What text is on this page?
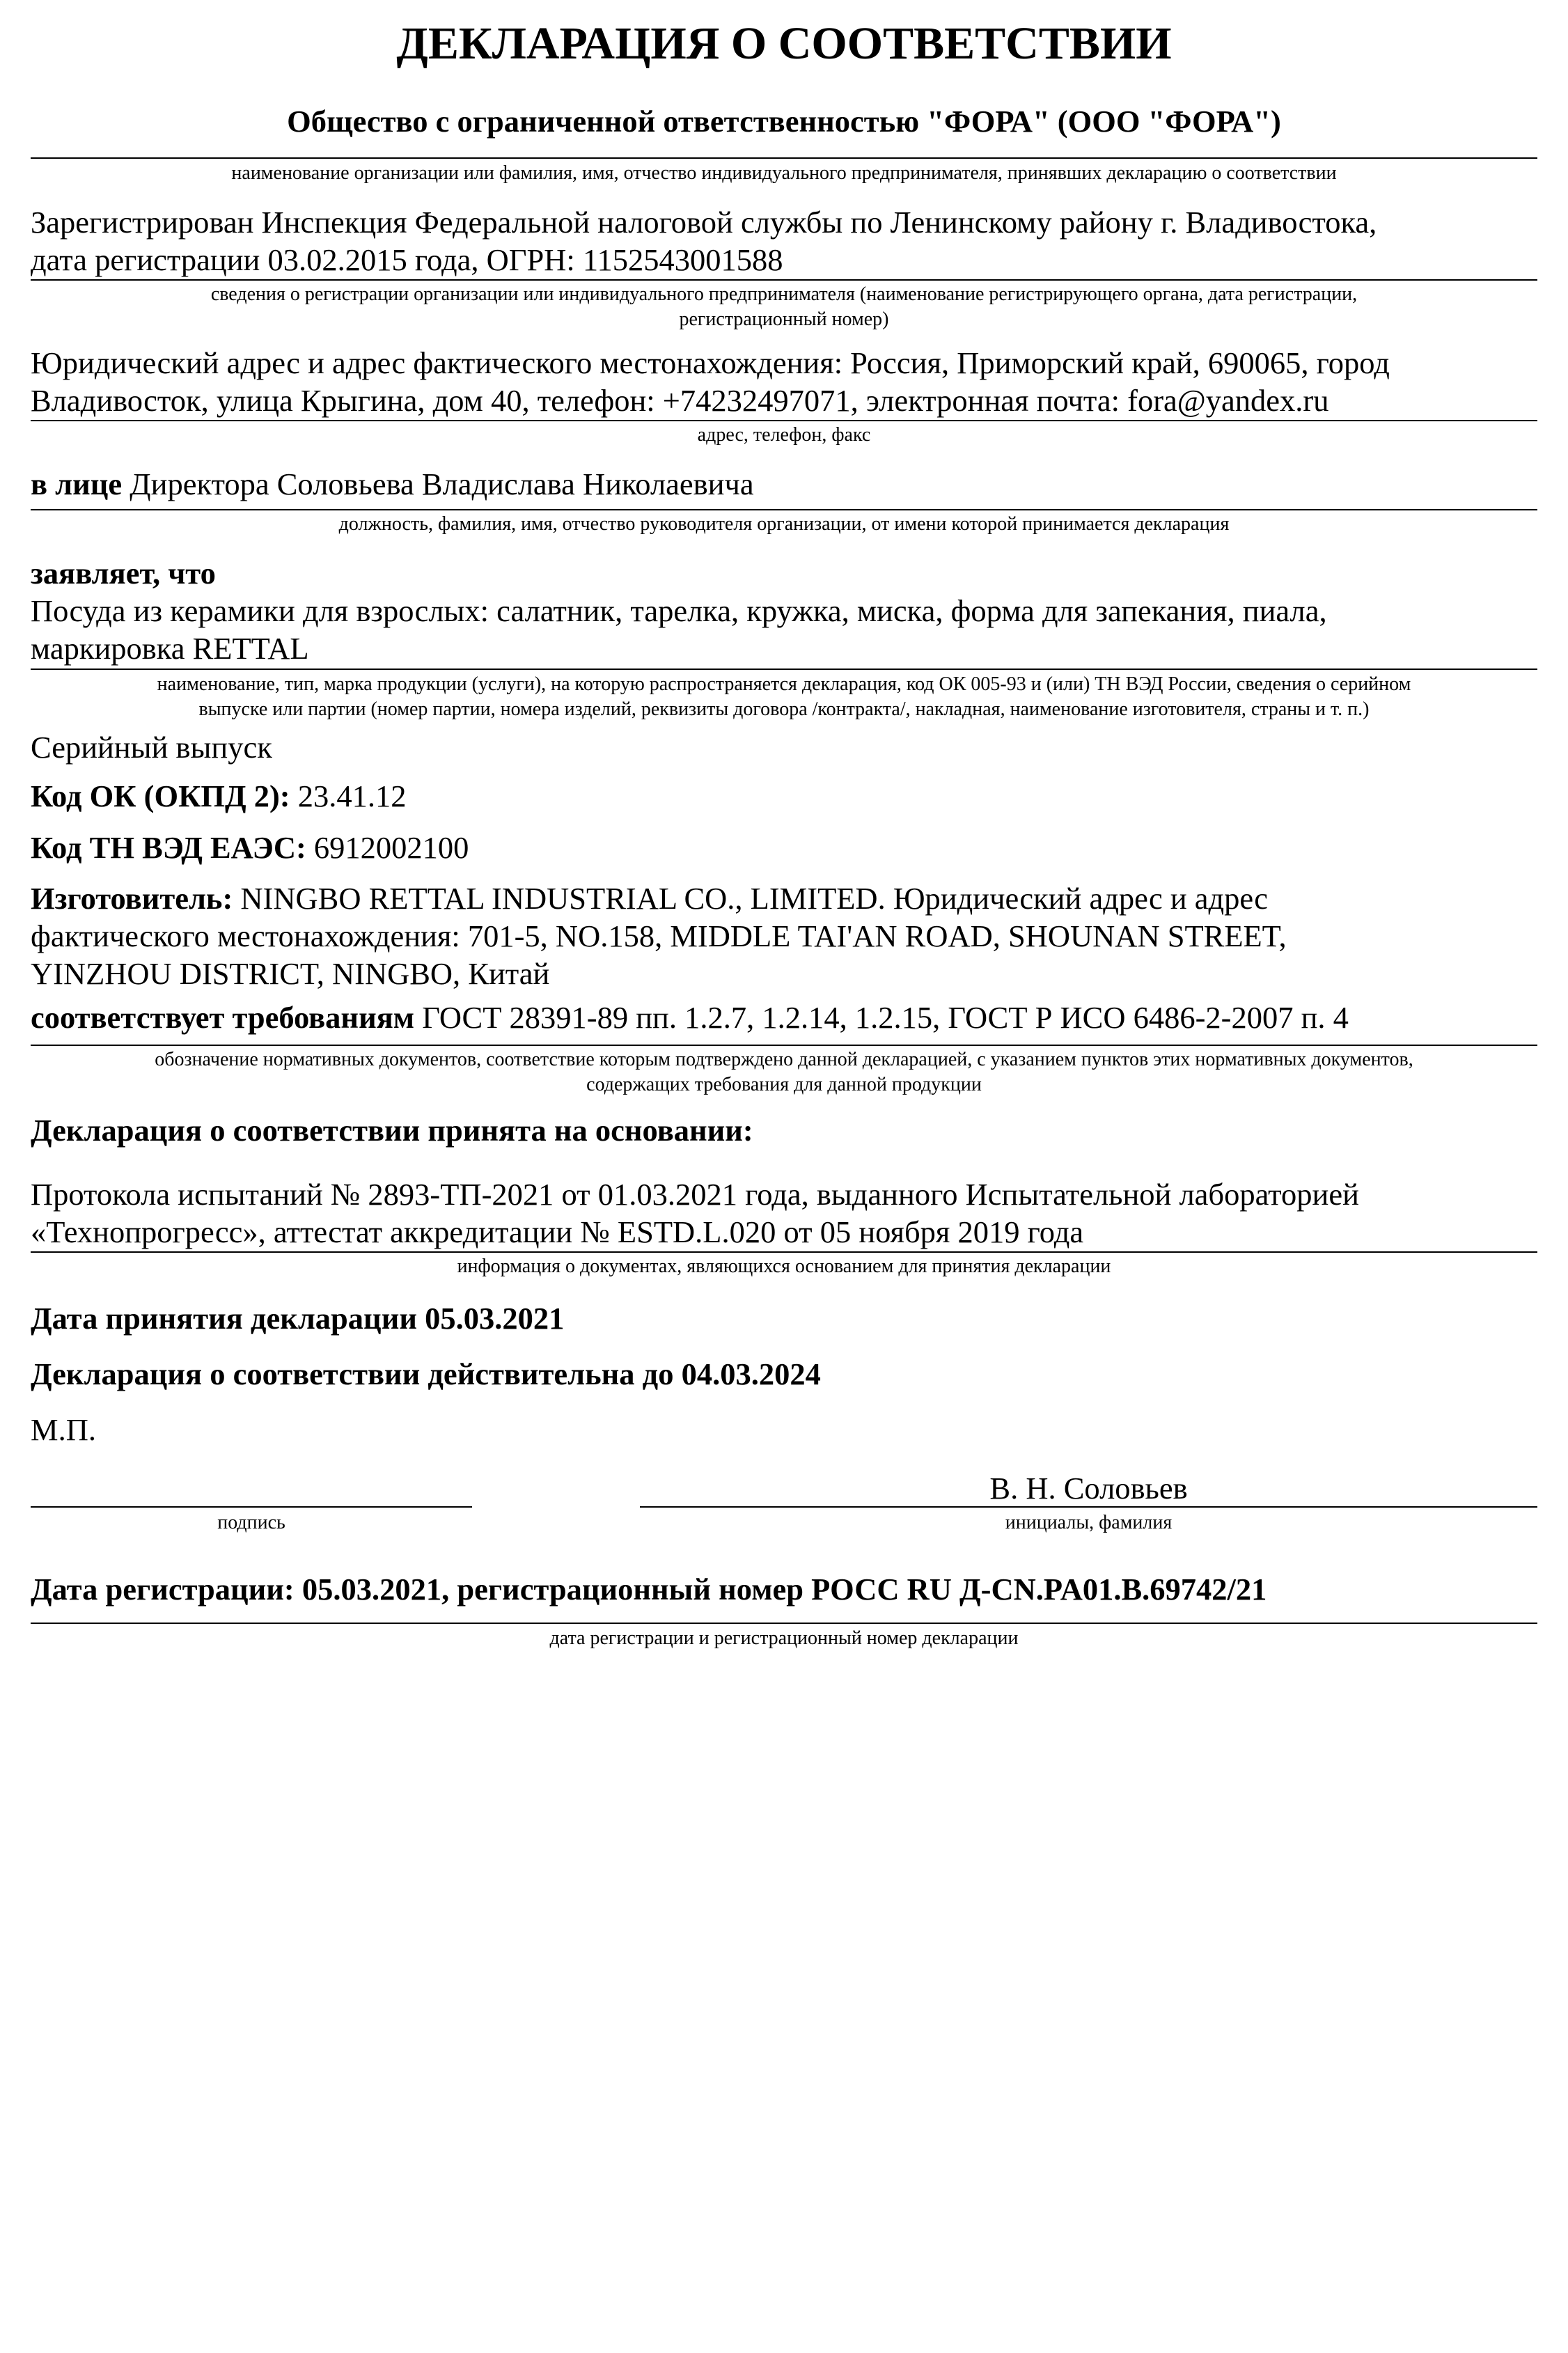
ДЕКЛАРАЦИЯ О СООТВЕТСТВИИ
Общество с ограниченной ответственностью "ФОРА" (ООО "ФОРА")
наименование организации или фамилия, имя, отчество индивидуального предпринимателя, принявших декларацию о соответствии
Зарегистрирован Инспекция Федеральной налоговой службы по Ленинскому району г. Владивостока,
дата регистрации 03.02.2015 года, ОГРН: 1152543001588
сведения о регистрации организации или индивидуального предпринимателя (наименование регистрирующего органа, дата регистрации,
регистрационный номер)
Юридический адрес и адрес фактического местонахождения: Россия, Приморский край, 690065, город
Владивосток, улица Крыгина, дом 40, телефон: +74232497071, электронная почта: fora@yandex.ru
адрес, телефон, факс
в лице Директора Соловьева Владислава Николаевича
должность, фамилия, имя, отчество руководителя организации, от имени которой принимается декларация
заявляет, что
Посуда из керамики для взрослых: салатник, тарелка, кружка, миска, форма для запекания, пиала,
маркировка RETTAL
наименование, тип, марка продукции (услуги), на которую распространяется декларация, код ОК 005-93 и (или) ТН ВЭД России, сведения о серийном
выпуске или партии (номер партии, номера изделий, реквизиты договора /контракта/, накладная, наименование изготовителя, страны и т. п.)
Серийный выпуск
Код ОК (ОКПД 2): 23.41.12
Код ТН ВЭД ЕАЭС: 6912002100
Изготовитель: NINGBO RETTAL INDUSTRIAL CO., LIMITED. Юридический адрес и адрес
фактического местонахождения: 701-5, NO.158, MIDDLE TAI'AN ROAD, SHOUNAN STREET,
YINZHOU DISTRICT, NINGBO, Китай
соответствует требованиям ГОСТ 28391-89 пп. 1.2.7, 1.2.14, 1.2.15, ГОСТ Р ИСО 6486-2-2007 п. 4
обозначение нормативных документов, соответствие которым подтверждено данной декларацией, с указанием пунктов этих нормативных документов,
содержащих требования для данной продукции
Декларация о соответствии принята на основании:
Протокола испытаний № 2893-ТП-2021 от 01.03.2021 года, выданного Испытательной лабораторией
«Технопрогресс», аттестат аккредитации № ESTD.L.020 от 05 ноября 2019 года
информация о документах, являющихся основанием для принятия декларации
Дата принятия декларации 05.03.2021
Декларация о соответствии действительна до 04.03.2024
М.П.
подпись
В. Н. Соловьев
инициалы, фамилия
Дата регистрации: 05.03.2021, регистрационный номер РОСС RU Д-CN.PA01.B.69742/21
дата регистрации и регистрационный номер декларации
